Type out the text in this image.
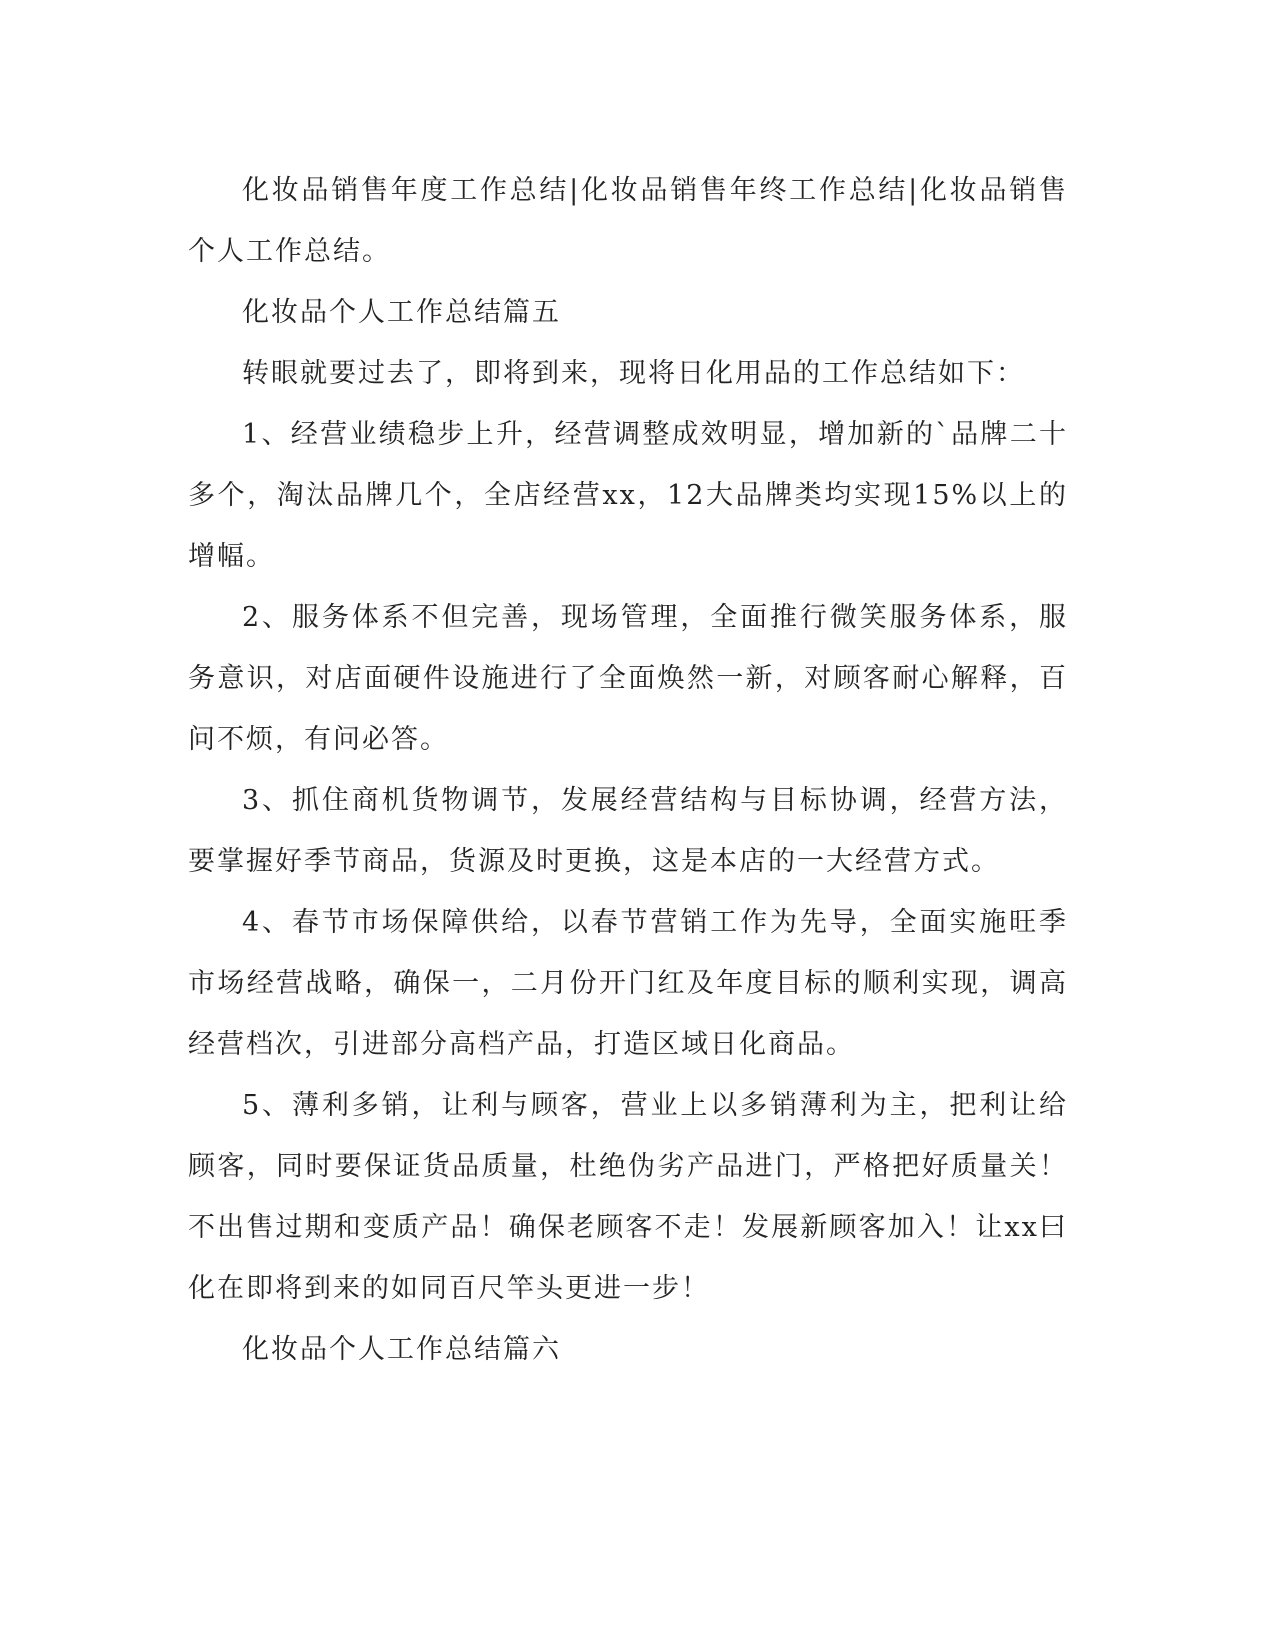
化妆品销售年度工作总结|化妆品销售年终工作总结|化妆品销售个人工作总结。

化妆品个人工作总结篇五

转眼就要过去了，即将到来，现将日化用品的工作总结如下：

1、经营业绩稳步上升，经营调整成效明显，增加新的`品牌二十多个，淘汰品牌几个，全店经营xx，12大品牌类均实现15%以上的增幅。

2、服务体系不但完善，现场管理，全面推行微笑服务体系，服务意识，对店面硬件设施进行了全面焕然一新，对顾客耐心解释，百问不烦，有问必答。

3、抓住商机货物调节，发展经营结构与目标协调，经营方法，要掌握好季节商品，货源及时更换，这是本店的一大经营方式。

4、春节市场保障供给，以春节营销工作为先导，全面实施旺季市场经营战略，确保一，二月份开门红及年度目标的顺利实现，调高经营档次，引进部分高档产品，打造区域日化商品。

5、薄利多销，让利与顾客，营业上以多销薄利为主，把利让给顾客，同时要保证货品质量，杜绝伪劣产品进门，严格把好质量关！不出售过期和变质产品！确保老顾客不走！发展新顾客加入！让xx曰化在即将到来的如同百尺竿头更进一步！

化妆品个人工作总结篇六
